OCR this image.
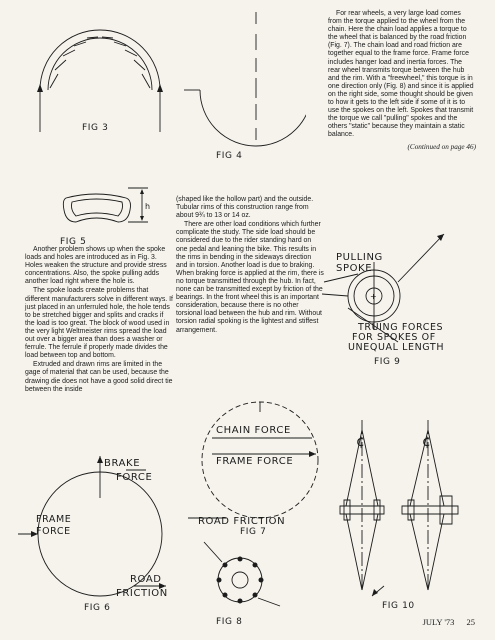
FIG 3
FIG 4
h
FIG 5

Another problem shows up when the spoke loads and holes are introduced as in Fig. 3. Holes weaken the structure and provide stress concentrations. Also, the spoke pulling adds another load right where the hole is.

The spoke loads create problems that different manufacturers solve in different ways. If just placed in an unferruled hole, the hole tends to be stretched bigger and splits and cracks if the load is too great. The block of wood used in the very light Weltmeister rims spread the load out over a bigger area than does a washer or ferrule. The ferrule if properly made divides the load between top and bottom.

Extruded and drawn rims are limited in the gage of material that can be used, because the drawing die does not have a good solid direct tie between the inside

(shaped like the hollow part) and the outside. Tubular rims of this construction range from about 9¾ to 13 or 14 oz.

There are other load conditions which further complicate the study. The side load should be considered due to the rider standing hard on one pedal and leaning the bike. This results in the rims in bending in the sideways direction and in torsion. Another load is due to braking. When braking force is applied at the rim, there is no torque transmitted through the hub. In fact, none can be transmitted except by friction of the bearings. In the front wheel this is an important consideration, because there is no other torsional load between the hub and rim. Without torsion radial spoking is the lightest and stiffest arrangement.

For rear wheels, a very large load comes from the torque applied to the wheel from the chain. Here the chain load applies a torque to the wheel that is balanced by the road friction (Fig. 7). The chain load and road friction are together equal to the frame force. Frame force includes hanger load and inertia forces. The rear wheel transmits torque between the hub and the rim. With a "freewheel," this torque is in one direction only (Fig. 8) and since it is applied on the right side, some thought should be given to how it gets to the left side if some of it is to use the spokes on the left. Spokes that transmit the torque we call "pulling" spokes and the others "static" because they maintain a static balance.

(Continued on page 46)
+
PULLING
SPOKE
TRUING FORCES
FOR SPOKES OF
UNEQUAL LENGTH
FIG 9
BRAKE
FORCE
FRAME
FORCE
ROAD
FRICTION
FIG 6
CHAIN FORCE
FRAME FORCE
ROAD FRICTION
FIG 7
FIG 8
¢	¢
FIG 10
JULY '73 25
